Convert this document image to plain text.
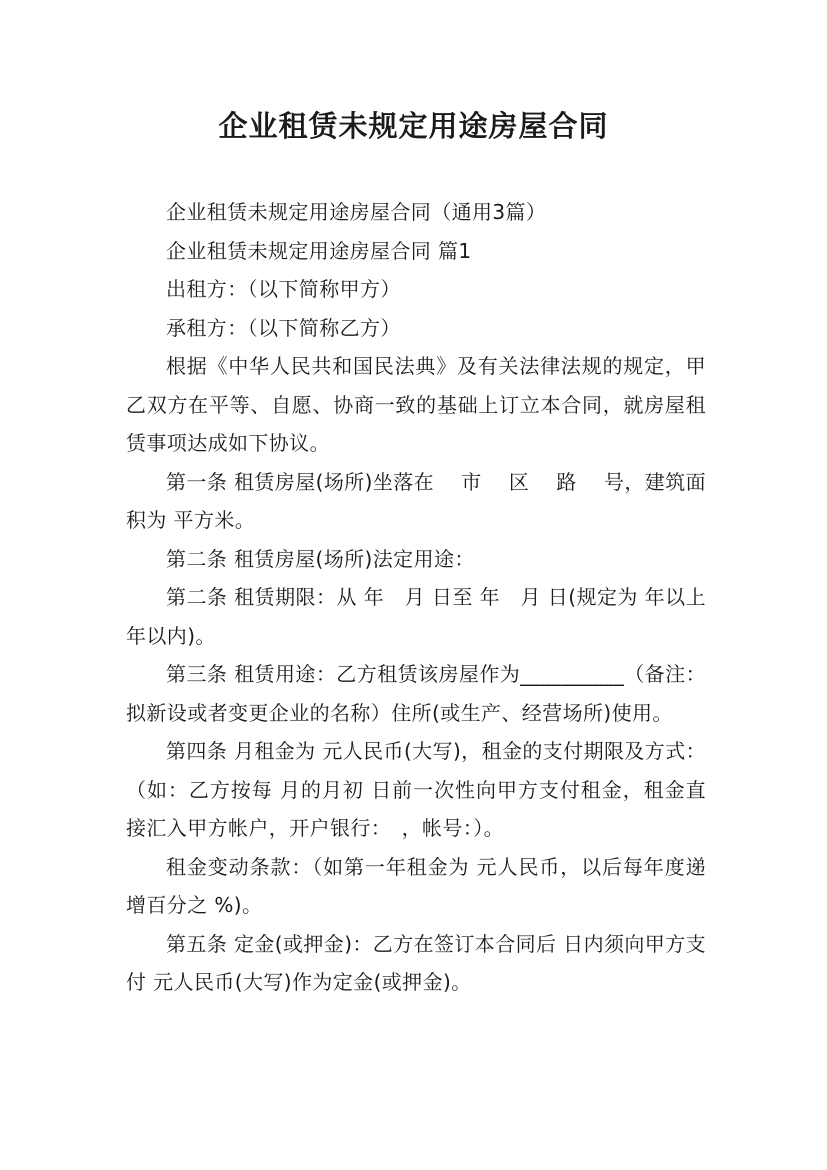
企业租赁未规定用途房屋合同

企业租赁未规定用途房屋合同（通用3篇）

企业租赁未规定用途房屋合同 篇1

出租方：（以下简称甲方）

承租方：（以下简称乙方）

根据《中华人民共和国民法典》及有关法律法规的规定，甲乙双方在平等、自愿、协商一致的基础上订立本合同，就房屋租赁事项达成如下协议。

第一条 租赁房屋(场所)坐落在　 市　 区　 路　 号，建筑面积为 平方米。

第二条 租赁房屋(场所)法定用途：

第二条 租赁期限：从 年　月 日至 年　月 日(规定为 年以上　 年以内)。

第三条 租赁用途：乙方租赁该房屋作为__________（备注：拟新设或者变更企业的名称）住所(或生产、经营场所)使用。

第四条 月租金为 元人民币(大写)，租金的支付期限及方式：（如：乙方按每 月的月初 日前一次性向甲方支付租金，租金直接汇入甲方帐户，开户银行：　，帐号：）。

租金变动条款：（如第一年租金为 元人民币，以后每年度递增百分之 %)。

第五条 定金(或押金)：乙方在签订本合同后 日内须向甲方支付 元人民币(大写)作为定金(或押金)。
